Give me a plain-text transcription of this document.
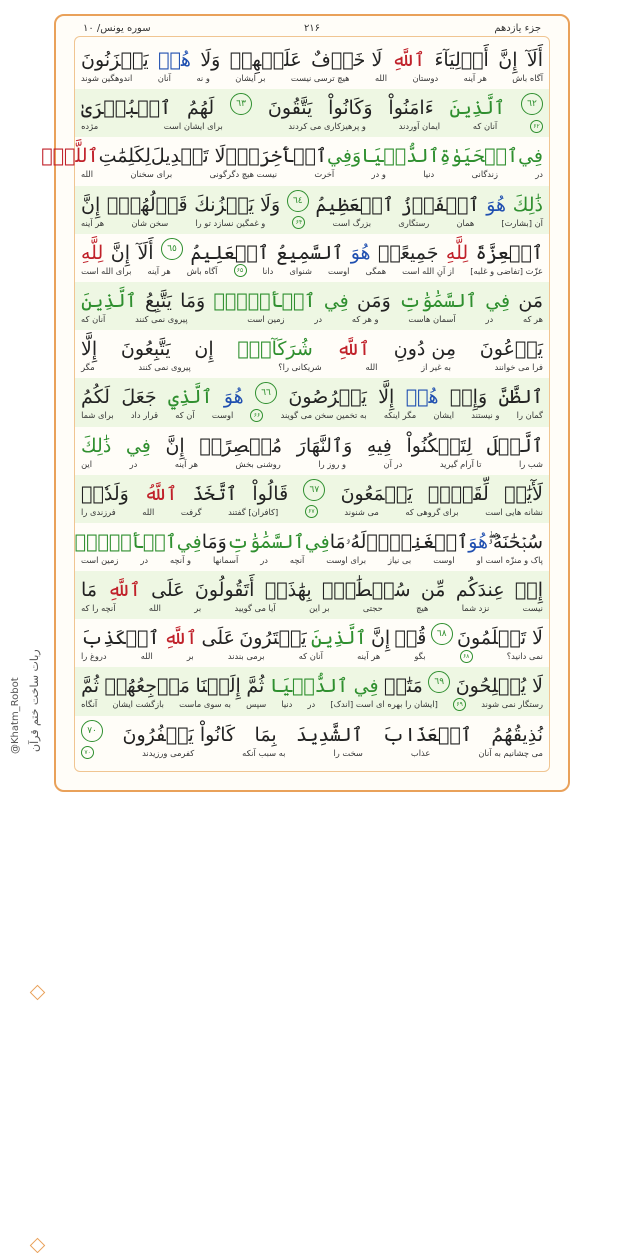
جزء یازدهم
۲۱۶
سوره یونس/ ۱۰
أَلَآ
إِنَّ
أَوۡلِيَآءَ
ٱللَّهِ
لَا خَوۡفٌ
عَلَيۡهِمۡ
وَلَا
هُمۡ
يَحۡزَنُونَ
آگاه باش
هر آینه
دوستان
الله
هیچ ترسی نیست
بر ایشان
و نه
آنان
اندوهگین شوند
٦٢
ٱلَّذِينَ
ءَامَنُواْ
وَكَانُواْ
يَتَّقُونَ
٦٣
لَهُمُ
ٱلۡبُشۡرَىٰ
۶۲
آنان که
ایمان آوردند
و پرهیزکاری می کردند
برای ایشان است
مژده
فِي
ٱلۡحَيَوٰةِ
ٱلدُّنۡيَا
وَفِي
ٱلۡأٓخِرَةِۚ
لَا تَبۡدِيلَ
لِكَلِمَٰتِ
ٱللَّهِۚ
در
زندگانی
دنیا
و در
آخرت
نیست هیچ دگرگونی
برای سخنان
الله
ذَٰلِكَ
هُوَ
ٱلۡفَوۡزُ
ٱلۡعَظِيمُ
٦٤
وَلَا يَحۡزُنكَ
قَوۡلُهُمۡۘ
إِنَّ
آن [بشارت]
همان
رستگاری
بزرگ است
۶۴
و غمگین نسازد تو را
سخن شان
هر آینه
ٱلۡعِزَّةَ
لِلَّهِ
جَمِيعًاۚ
هُوَ
ٱلسَّمِيعُ
ٱلۡعَلِيمُ
٦٥
أَلَآ
إِنَّ
لِلَّهِ
عزّت [تفاضی و غلبه]
از آنِ الله است
همگی
اوست
شنوای
دانا
۶۵
آگاه باش
هر آینه
برای الله است
مَن
فِي
ٱلسَّمَٰوَٰتِ
وَمَن
فِي
ٱلۡأَرۡضِۗ
وَمَا
يَتَّبِعُ
ٱلَّذِينَ
هر که
در
آسمان هاست
و هر که
در
زمین است
پیروی نمی کنند
آنان که
يَدۡعُونَ
مِن دُونِ
ٱللَّهِ
شُرَكَآءَۚ
إِن
يَتَّبِعُونَ
إِلَّا
فرا می خوانند
به غیر از
الله
شریکانی را؟
پیروی نمی کنند
مگر
ٱلظَّنَّ
وَإِنۡ
هُمۡ
إِلَّا
يَخۡرُصُونَ
٦٦
هُوَ
ٱلَّذِي
جَعَلَ
لَكُمُ
گمان را
و نیستند
ایشان
مگر اینکه
به تخمین سخن می گویند
۶۶
اوست
آن که
قرار داد
برای شما
ٱلَّيۡلَ
لِتَسۡكُنُواْ
فِيهِ
وَٱلنَّهَارَ
مُبۡصِرًاۚ
إِنَّ
فِي
ذَٰلِكَ
شب را
تا آرام گیرید
در آن
و روز را
روشنی بخش
هر آینه
در
این
لَأٓيَٰتٖ
لِّقَوۡمٖ
يَسۡمَعُونَ
٦٧
قَالُواْ
ٱتَّخَذَ
ٱللَّهُ
وَلَدٗاۗ
نشانه هایی است
برای گروهی که
می شنوند
۶۷
[کافران] گفتند
گرفت
الله
فرزندی را
سُبۡحَٰنَهُۥۖ
هُوَ
ٱلۡغَنِيُّۖ
لَهُۥ
مَا
فِي
ٱلسَّمَٰوَٰتِ
وَمَا
فِي
ٱلۡأَرۡضِۚ
پاک و منزّه است او
اوست
بی نیاز
برای اوست
آنچه
در
آسمانها
و آنچه
در
زمین است
إِنۡ
عِندَكُم
مِّن
سُلۡطَٰنِۭ
بِهَٰذَآۚ
أَتَقُولُونَ
عَلَى
ٱللَّهِ
مَا
نیست
نزد شما
هیچ
حجتی
بر این
آیا می گویید
بر
الله
آنچه را که
لَا تَعۡلَمُونَ
٦٨
قُلۡ
إِنَّ
ٱلَّذِينَ
يَفۡتَرُونَ
عَلَى
ٱللَّهِ
ٱلۡكَذِبَ
نمی دانید؟
۶۸
بگو
هر آینه
آنان که
برمی بندند
بر
الله
دروغ را
لَا يُفۡلِحُونَ
٦٩
مَتَٰعٞ
فِي
ٱلدُّنۡيَا
ثُمَّ
إِلَيۡنَا
مَرۡجِعُهُمۡ
ثُمَّ
رستگار نمی شوند
۶۹
[ایشان را بهره ای است [اندک]
در
دنیا
سپس
به سوی ماست
بازگشت ایشان
آنگاه
نُذِيقُهُمُ
ٱلۡعَذَابَ
ٱلشَّدِيدَ
بِمَا
كَانُواْ يَكۡفُرُونَ
٧٠
می چشانیم به آنان
عذاب
سخت را
به سبب آنکه
کفرمی ورزیدند
۷۰
ربات ساخت ختم قرآن
@Khatm_Robot
